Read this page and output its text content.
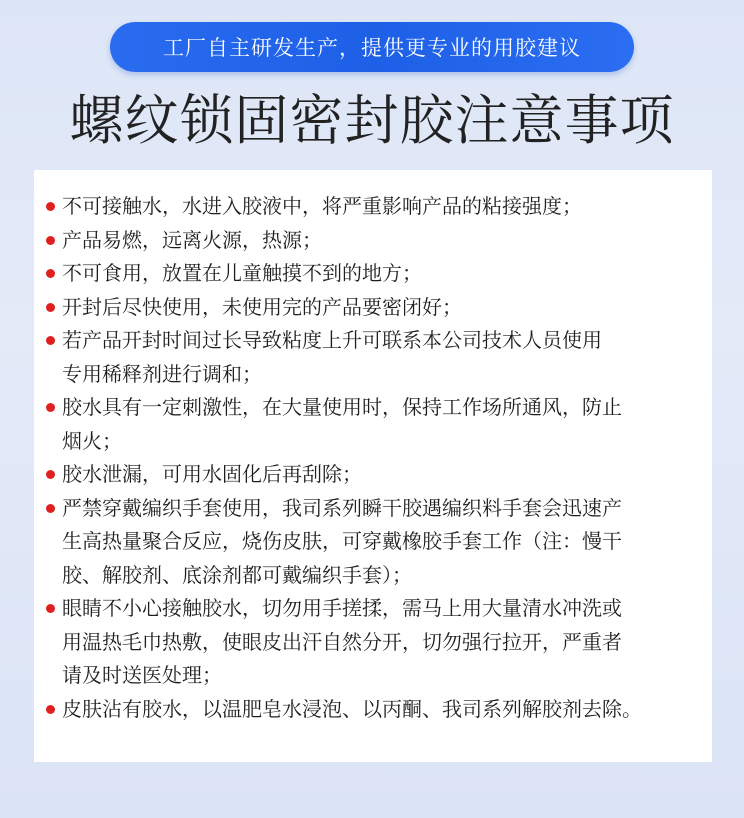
工厂自主研发生产，提供更专业的用胶建议
螺纹锁固密封胶注意事项
不可接触水，水进入胶液中，将严重影响产品的粘接强度；
产品易燃，远离火源，热源；
不可食用，放置在儿童触摸不到的地方；
开封后尽快使用，未使用完的产品要密闭好；
若产品开封时间过长导致粘度上升可联系本公司技术人员使用
专用稀释剂进行调和；
胶水具有一定刺激性，在大量使用时，保持工作场所通风，防止
烟火；
胶水泄漏，可用水固化后再刮除；
严禁穿戴编织手套使用，我司系列瞬干胶遇编织料手套会迅速产
生高热量聚合反应，烧伤皮肤，可穿戴橡胶手套工作（注：慢干
胶、解胶剂、底涂剂都可戴编织手套）；
眼睛不小心接触胶水，切勿用手搓揉，需马上用大量清水冲洗或
用温热毛巾热敷，使眼皮出汗自然分开，切勿强行拉开，严重者
请及时送医处理；
皮肤沾有胶水，以温肥皂水浸泡、以丙酮、我司系列解胶剂去除。
